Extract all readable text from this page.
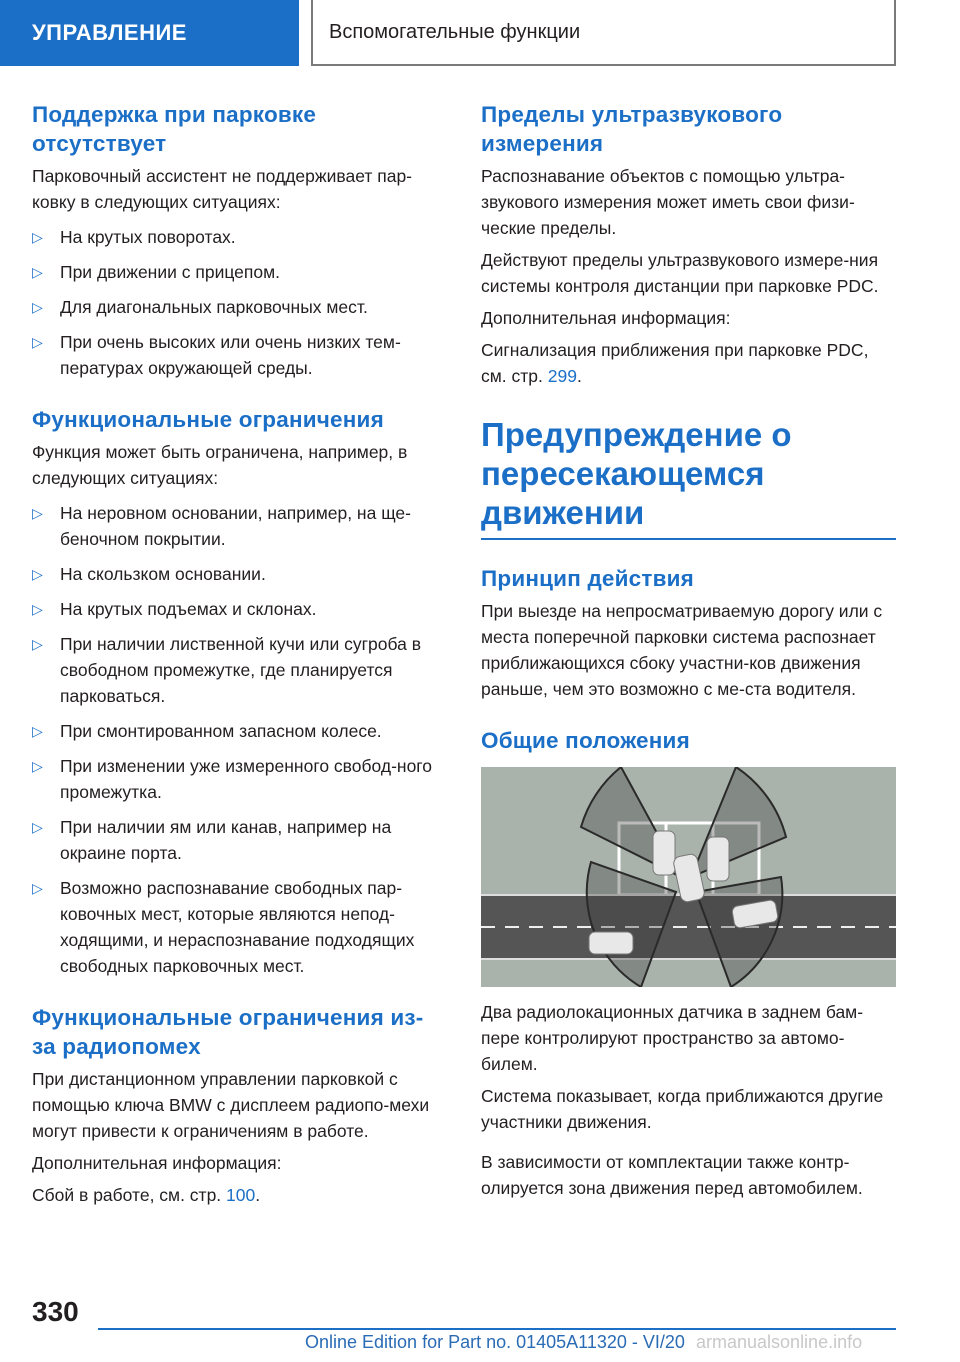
УПРАВЛЕНИЕ	Вспомогательные функции
Поддержка при парковке
отсутствует

Парковочный ассистент не поддерживает пар-ковку в следующих ситуациях:

▷ На крутых поворотах.
▷ При движении с прицепом.
▷ Для диагональных парковочных мест.
▷ При очень высоких или очень низких тем-пературах окружающей среды.
Функциональные ограничения

Функция может быть ограничена, например, в следующих ситуациях:

▷ На неровном основании, например, на ще-беночном покрытии.
▷ На скользком основании.
▷ На крутых подъемах и склонах.
▷ При наличии лиственной кучи или сугроба в свободном промежутке, где планируется парковаться.
▷ При смонтированном запасном колесе.
▷ При изменении уже измеренного свобод-ного промежутка.
▷ При наличии ям или канав, например на окраине порта.
▷ Возможно распознавание свободных пар-ковочных мест, которые являются непод-ходящими, и нераспознавание подходящих свободных парковочных мест.
Функциональные ограничения из-
за радиопомех

При дистанционном управлении парковкой с помощью ключа BMW с дисплеем радиопо-мехи могут привести к ограничениям в работе.

Дополнительная информация:

Сбой в работе, см. стр. 100.

Пределы ультразвукового
измерения

Распознавание объектов с помощью ультра-звукового измерения может иметь свои физи-ческие пределы.

Действуют пределы ультразвукового измере-ния системы контроля дистанции при парковке PDC.

Дополнительная информация:

Сигнализация приближения при парковке PDC, см. стр. 299.

Предупреждение о
пересекающемся
движении
Принцип действия

При выезде на непросматриваемую дорогу или с места поперечной парковки система распознает приближающихся сбоку участни-ков движения раньше, чем это возможно с ме-ста водителя.

Общие положения

Два радиолокационных датчика в заднем бам-пере контролируют пространство за автомо-билем.

Система показывает, когда приближаются другие участники движения.

В зависимости от комплектации также контр-олируется зона движения перед автомобилем.

330
Online Edition for Part no. 01405A11320 - VI/20 armanualsonline.info
